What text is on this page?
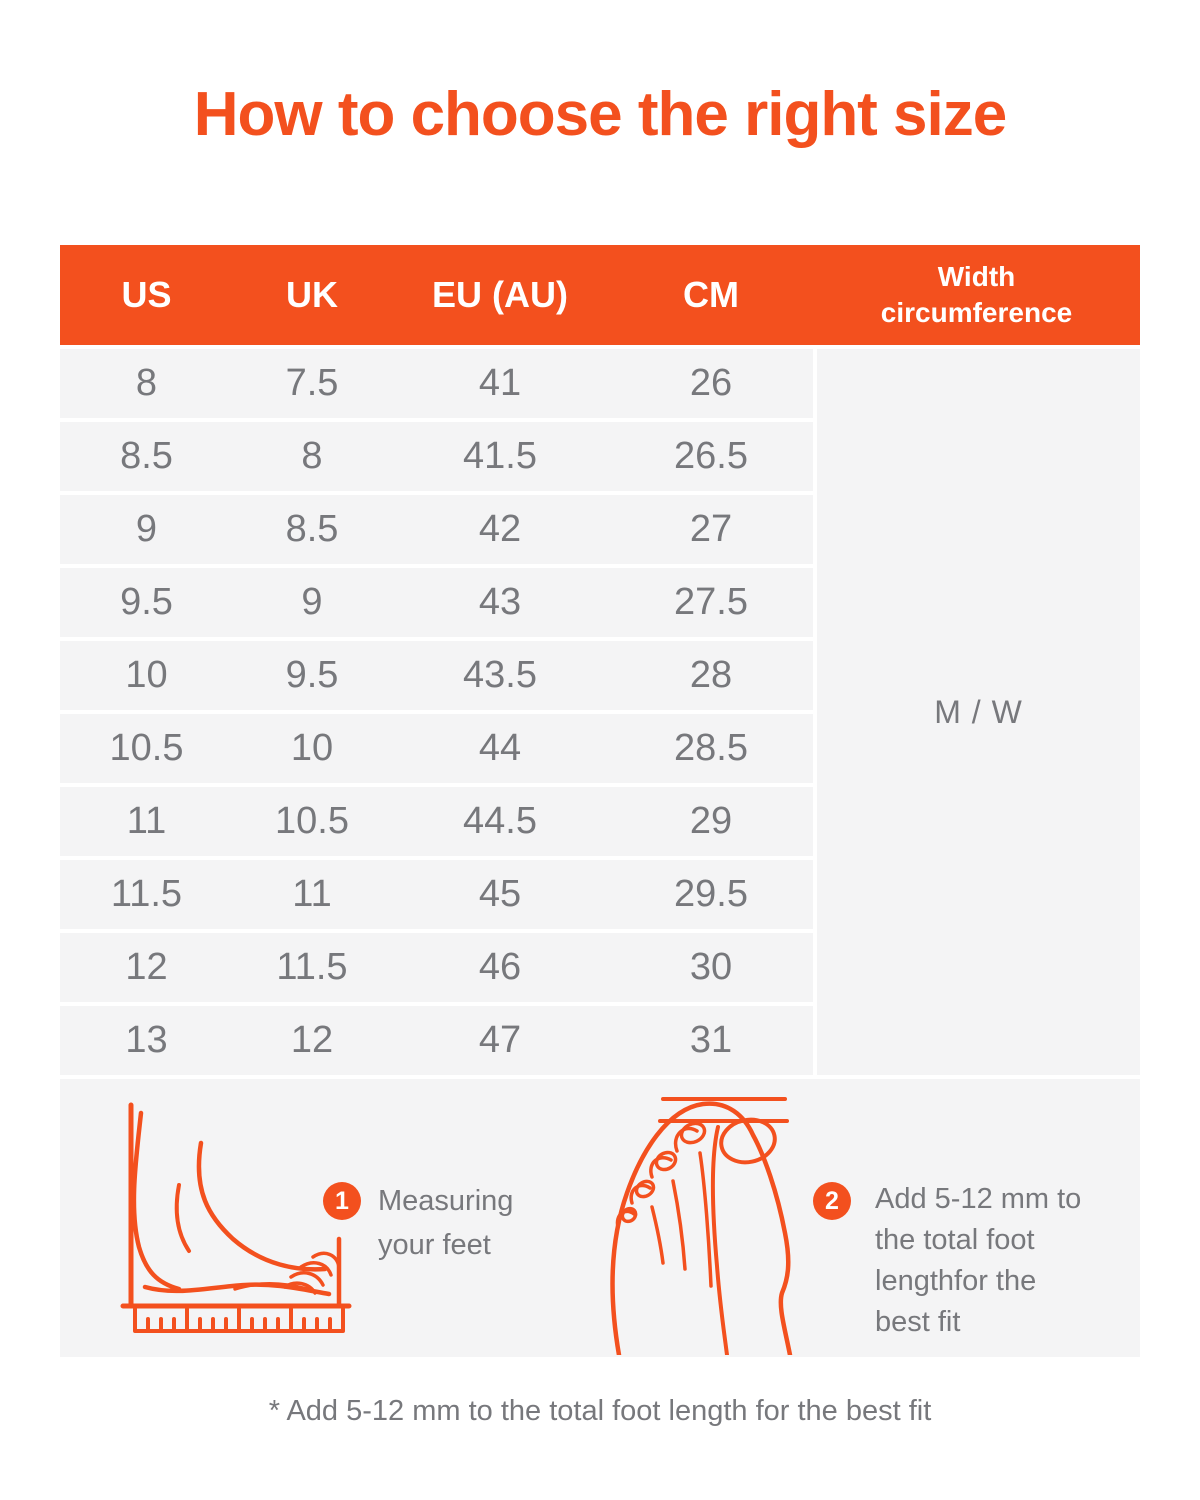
How to choose the right size
US	UK	EU (AU)	CM	Width
circumference
8	7.5	41	26
8.5	8	41.5	26.5
9	8.5	42	27
9.5	9	43	27.5
10	9.5	43.5	28
10.5	10	44	28.5
11	10.5	44.5	29
11.5	11	45	29.5
12	11.5	46	30
13	12	47	31
M / W
1	Measuring
your feet
2	Add 5-12 mm to
the total foot
lengthfor the
best fit

* Add 5-12 mm to the total foot length for the best fit
